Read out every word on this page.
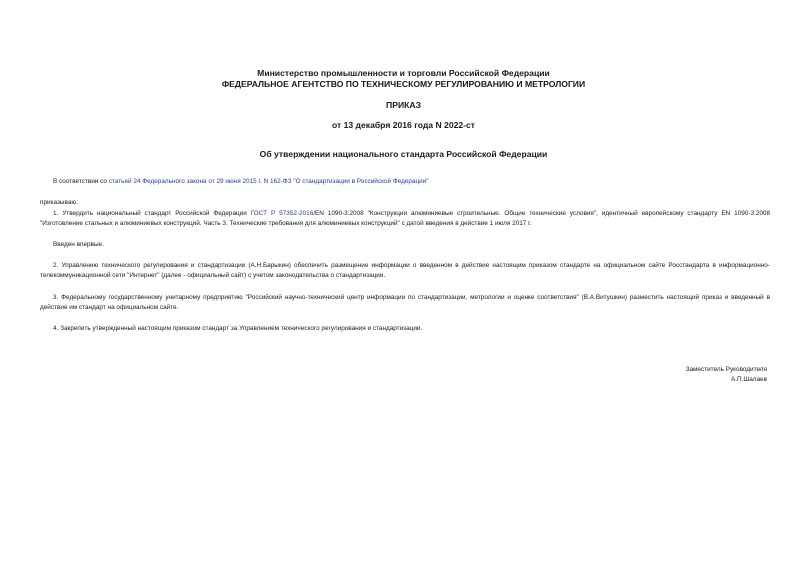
Министерство промышленности и торговли Российской Федерации
ФЕДЕРАЛЬНОЕ АГЕНТСТВО ПО ТЕХНИЧЕСКОМУ РЕГУЛИРОВАНИЮ И МЕТРОЛОГИИ
ПРИКАЗ
от 13 декабря 2016 года N 2022-ст
Об утверждении национального стандарта Российской Федерации
В соответствии со статьей 24 Федерального закона от 29 июня 2015 г. N 162-ФЗ "О стандартизации в Российской Федерации"
приказываю:
1. Утвердить национальный стандарт Российской Федерации ГОСТ Р 57352-2016/EN 1090-3:2008 "Конструкции алюминиевые строительные. Общие технические условия", идентичный европейскому стандарту EN 1090-3:2008 "Изготовление стальных и алюминиевых конструкций. Часть 3. Технические требования для алюминиевых конструкций" с датой введения в действие 1 июля 2017 г.
Введен впервые.
2. Управлению технического регулирования и стандартизации (А.Н.Барыкин) обеспечить размещение информации о введенном в действие настоящим приказом стандарте на официальном сайте Росстандарта в информационно-телекоммуникационной сети "Интернет" (далее - официальный сайт) с учетом законодательства о стандартизации.
3. Федеральному государственному унитарному предприятию "Российский научно-технический центр информации по стандартизации, метрологии и оценке соответствия" (В.А.Витушкин) разместить настоящий приказ и введенный в действие им стандарт на официальном сайте.
4. Закрепить утвержденный настоящим приказом стандарт за Управлением технического регулирования и стандартизации.
Заместитель Руководителя
А.П.Шалаев
